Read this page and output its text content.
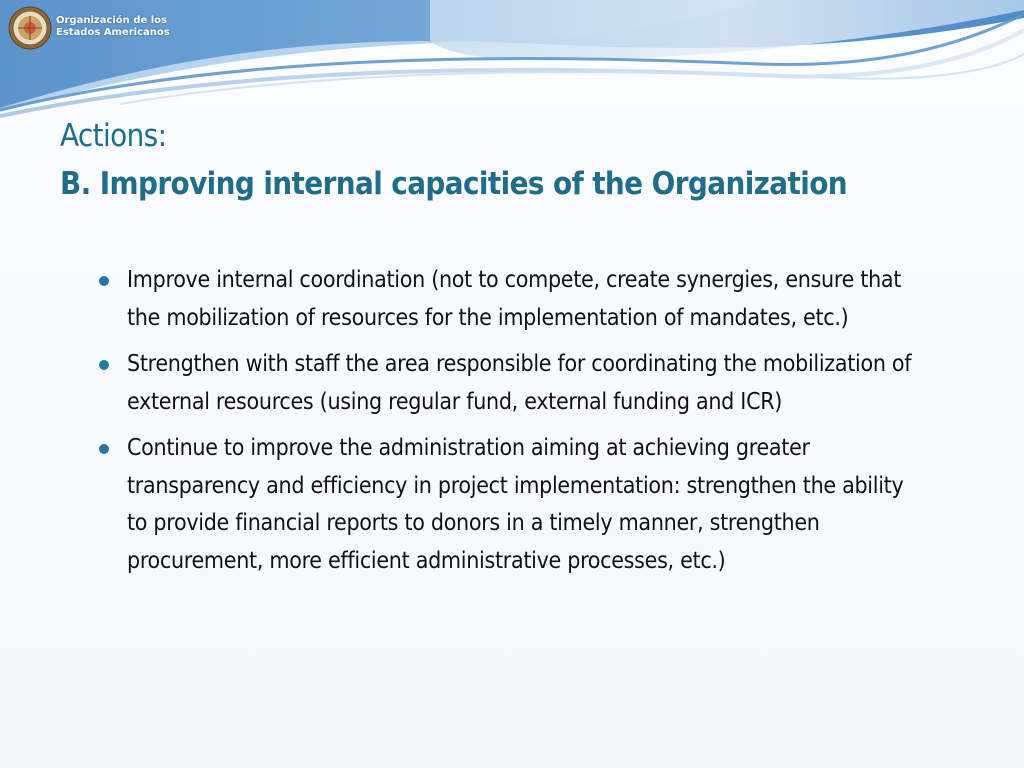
Organización de los
Estados Americanos
Actions:
B. Improving internal capacities of the Organization
Improve internal coordination (not to compete, create synergies, ensure that the mobilization of resources for the implementation of mandates, etc.)
Strengthen with staff the area responsible for coordinating the mobilization of external resources (using regular fund, external funding and ICR)
Continue to improve the administration aiming at achieving greater transparency and efficiency in project implementation: strengthen the ability to provide financial reports to donors in a timely manner, strengthen procurement, more efficient administrative processes, etc.)
